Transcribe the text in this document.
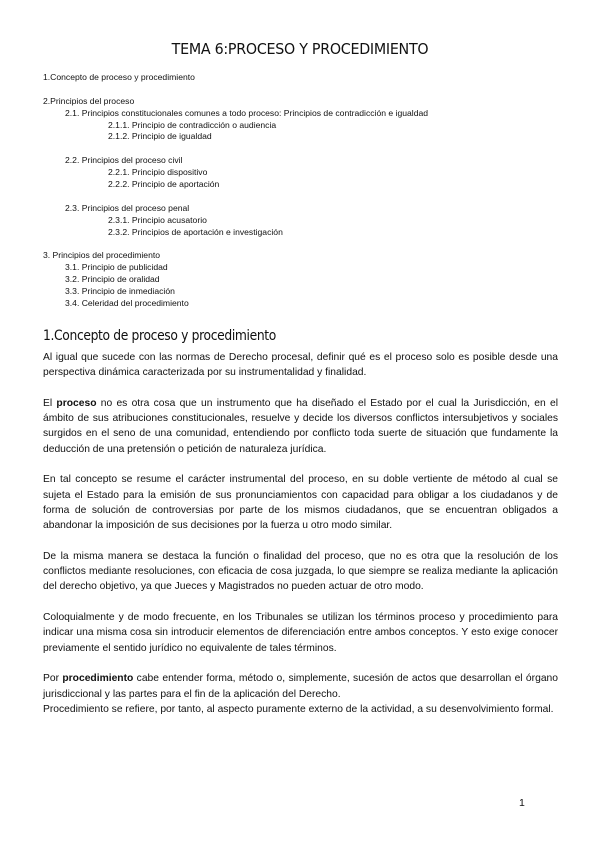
TEMA 6:PROCESO Y PROCEDIMIENTO
1.Concepto de proceso y procedimiento
2.Principios del proceso
2.1. Principios constitucionales comunes a todo proceso: Principios de contradicción e igualdad
2.1.1. Principio de contradicción o audiencia
2.1.2. Principio de igualdad
2.2. Principios del proceso civil
2.2.1. Principio dispositivo
2.2.2. Principio de aportación
2.3. Principios del proceso penal
2.3.1. Principio acusatorio
2.3.2. Principios de aportación e investigación
3. Principios del procedimiento
3.1. Principio de publicidad
3.2. Principio de oralidad
3.3. Principio de inmediación
3.4. Celeridad del procedimiento
1.Concepto de proceso y procedimiento

Al igual que sucede con las normas de Derecho procesal, definir qué es el proceso solo es posible desde una perspectiva dinámica caracterizada por su instrumentalidad y finalidad.

El proceso no es otra cosa que un instrumento que ha diseñado el Estado por el cual la Jurisdicción, en el ámbito de sus atribuciones constitucionales, resuelve y decide los diversos conflictos intersubjetivos y sociales surgidos en el seno de una comunidad, entendiendo por conflicto toda suerte de situación que fundamente la deducción de una pretensión o petición de naturaleza jurídica.

En tal concepto se resume el carácter instrumental del proceso, en su doble vertiente de método al cual se sujeta el Estado para la emisión de sus pronunciamientos con capacidad para obligar a los ciudadanos y de forma de solución de controversias por parte de los mismos ciudadanos, que se encuentran obligados a abandonar la imposición de sus decisiones por la fuerza u otro modo similar.

De la misma manera se destaca la función o finalidad del proceso, que no es otra que la resolución de los conflictos mediante resoluciones, con eficacia de cosa juzgada, lo que siempre se realiza mediante la aplicación del derecho objetivo, ya que Jueces y Magistrados no pueden actuar de otro modo.

Coloquialmente y de modo frecuente, en los Tribunales se utilizan los términos proceso y procedimiento para indicar una misma cosa sin introducir elementos de diferenciación entre ambos conceptos. Y esto exige conocer previamente el sentido jurídico no equivalente de tales términos.

Por procedimiento cabe entender forma, método o, simplemente, sucesión de actos que desarrollan el órgano jurisdiccional y las partes para el fin de la aplicación del Derecho.

Procedimiento se refiere, por tanto, al aspecto puramente externo de la actividad, a su desenvolvimiento formal.

1
